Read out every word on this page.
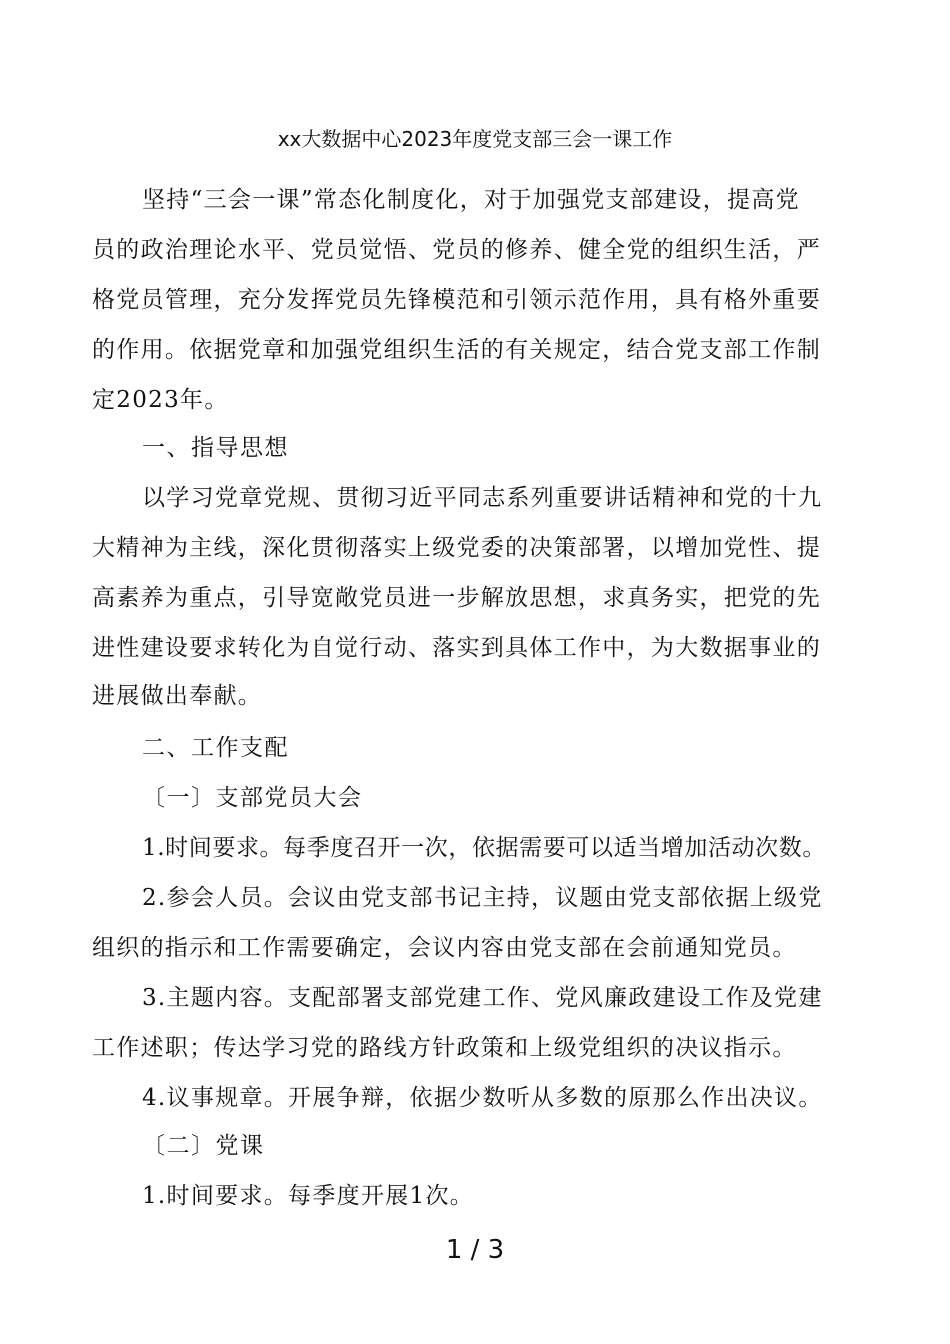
xx大数据中心2023年度党支部三会一课工作
坚持“三会一课”常态化制度化，对于加强党支部建设，提高党
员的政治理论水平、党员觉悟、党员的修养、健全党的组织生活，严
格党员管理，充分发挥党员先锋模范和引领示范作用，具有格外重要
的作用。依据党章和加强党组织生活的有关规定，结合党支部工作制
定2023年。
一、指导思想
以学习党章党规、贯彻习近平同志系列重要讲话精神和党的十九
大精神为主线，深化贯彻落实上级党委的决策部署，以增加党性、提
高素养为重点，引导宽敞党员进一步解放思想，求真务实，把党的先
进性建设要求转化为自觉行动、落实到具体工作中，为大数据事业的
进展做出奉献。
二、工作支配
〔一〕支部党员大会
1.时间要求。每季度召开一次，依据需要可以适当增加活动次数。
2.参会人员。会议由党支部书记主持，议题由党支部依据上级党
组织的指示和工作需要确定，会议内容由党支部在会前通知党员。
3.主题内容。支配部署支部党建工作、党风廉政建设工作及党建
工作述职；传达学习党的路线方针政策和上级党组织的决议指示。
4.议事规章。开展争辩，依据少数听从多数的原那么作出决议。
〔二〕党课
1.时间要求。每季度开展1次。
1 / 3
